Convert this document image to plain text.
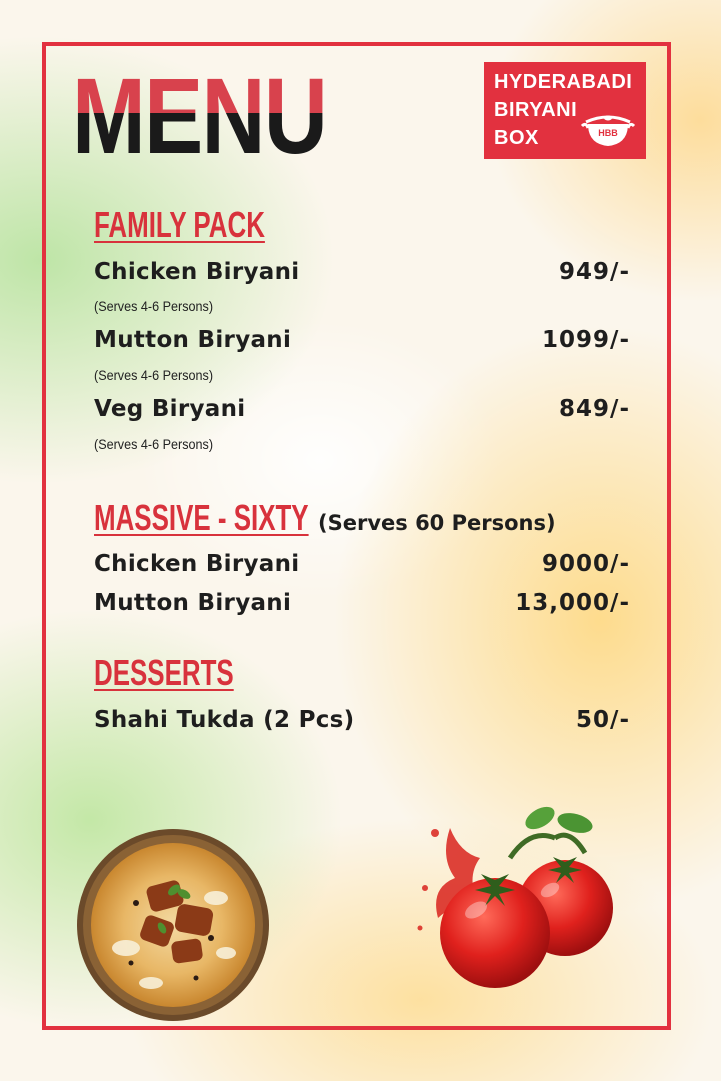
MENU	HYDERABADI
BIRYANI
BOX	HBB
FAMILY PACK
Chicken Biryani	949/-
(Serves 4-6 Persons)
Mutton Biryani	1099/-
(Serves 4-6 Persons)
Veg Biryani	849/-
(Serves 4-6 Persons)
MASSIVE - SIXTY (Serves 60 Persons)
Chicken Biryani	9000/-
Mutton Biryani	13,000/-
DESSERTS
Shahi Tukda (2 Pcs)	50/-
